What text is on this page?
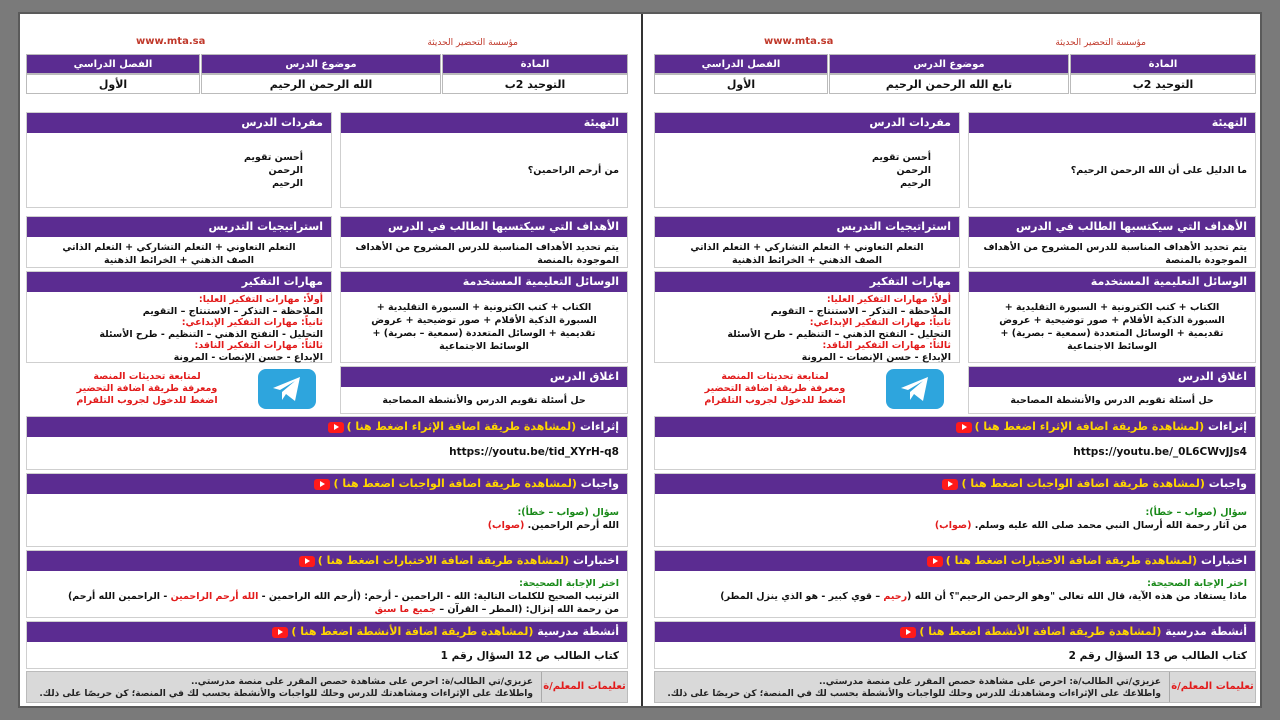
مؤسسة التحضير الحديثة
www.mta.sa
المادة
موضوع الدرس
الفصل الدراسي
التوحيد 2ب
تابع الله الرحمن الرحيم
الأول
التهيئة
ما الدليل على أن الله الرحمن الرحيم؟
مفردات الدرس
أحسن تقويم
الرحمن
الرحيم
الأهداف التي سيكتسبها الطالب في الدرس
يتم تحديد الأهداف المناسبة للدرس المشروح من الأهداف الموجودة بالمنصة
استراتيجيات التدريس
التعلم التعاوني + التعلم التشاركي + التعلم الذاتي
الصف الذهني + الخرائط الذهنية
الوسائل التعليمية المستخدمة
الكتاب + كتب الكترونية + السبورة التقليدية + السبورة الذكية الأقلام + صور توضيحية + عروض تقديمية + الوسائل المتعددة (سمعية – بصرية) + الوسائط الاجتماعية
مهارات التفكير
أولاً: مهارات التفكير العليا:
الملاحظة – التذكر – الاستنتاج – التقويم
ثانياً: مهارات التفكير الإبداعي:
التحليل - التفتح الذهني – التنظيم - طرح الأسئلة
ثالثاً: مهارات التفكير الناقد:
الإبداع - حسن الإنصات - المرونة
اغلاق الدرس
حل أسئلة تقويم الدرس والأنشطة المصاحبة
لمتابعة تحديثات المنصة
ومعرفة طريقة اضافة التحضير
اضغط للدخول لجروب التلقرام
إثراءات (لمشاهدة طريقة اضافة الإثراء اضغط هنا )
https://youtu.be/_0L6CWvJJs4
واجبات (لمشاهدة طريقة اضافة الواجبات اضغط هنا )
سؤال (صواب – خطأ):
من آثار رحمة الله أرسال النبي محمد صلى الله عليه وسلم. (صواب)
اختبارات (لمشاهدة طريقة اضافة الاختبارات اضغط هنا )
اختر الإجابة الصحيحة:
ماذا يستفاد من هذه الآية، قال الله تعالى "وهو الرحمن الرحيم"؟ أن الله (رحيم – قوي كبير - هو الذي ينزل المطر)
أنشطة مدرسية (لمشاهدة طريقة اضافة الأنشطة اضغط هنا )
كتاب الطالب ص 13 السؤال رقم 2
تعليمات المعلم/ة
عزيزي/تي الطالب/ة: احرص على مشاهدة حصص المقرر على منصة مدرستي..
واطلاعك على الإثراءات ومشاهدتك للدرس وحلك للواجبات والأنشطة بحسب لك في المنصة؛ كن حريصًا على ذلك.
مؤسسة التحضير الحديثة
www.mta.sa
المادة
موضوع الدرس
الفصل الدراسي
التوحيد 2ب
الله الرحمن الرحيم
الأول
التهيئة
من أرحم الراحمين؟
مفردات الدرس
أحسن تقويم
الرحمن
الرحيم
الأهداف التي سيكتسبها الطالب في الدرس
يتم تحديد الأهداف المناسبة للدرس المشروح من الأهداف الموجودة بالمنصة
استراتيجيات التدريس
التعلم التعاوني + التعلم التشاركي + التعلم الذاتي
الصف الذهني + الخرائط الذهنية
الوسائل التعليمية المستخدمة
الكتاب + كتب الكترونية + السبورة التقليدية + السبورة الذكية الأقلام + صور توضيحية + عروض تقديمية + الوسائل المتعددة (سمعية – بصرية) + الوسائط الاجتماعية
مهارات التفكير
أولاً: مهارات التفكير العليا:
الملاحظة – التذكر – الاستنتاج – التقويم
ثانياً: مهارات التفكير الإبداعي:
التحليل - التفتح الذهني – التنظيم - طرح الأسئلة
ثالثاً: مهارات التفكير الناقد:
الإبداع - حسن الإنصات - المرونة
اغلاق الدرس
حل أسئلة تقويم الدرس والأنشطة المصاحبة
لمتابعة تحديثات المنصة
ومعرفة طريقة اضافة التحضير
اضغط للدخول لجروب التلقرام
إثراءات (لمشاهدة طريقة اضافة الإثراء اضغط هنا )
https://youtu.be/tid_XYrH-q8
واجبات (لمشاهدة طريقة اضافة الواجبات اضغط هنا )
سؤال (صواب – خطأ):
الله أرحم الراحمين. (صواب)
اختبارات (لمشاهدة طريقة اضافة الاختبارات اضغط هنا )
اختر الإجابة الصحيحة:
الترتيب الصحيح للكلمات التالية: الله - الراحمين - أرحم: (أرحم الله الراحمين - الله أرحم الراحمين - الراحمين الله أرحم)
من رحمة الله إنزال: (المطر – القرآن – جميع ما سبق
أنشطة مدرسية (لمشاهدة طريقة اضافة الأنشطة اضغط هنا )
كتاب الطالب ص 12 السؤال رقم 1
تعليمات المعلم/ة
عزيزي/تي الطالب/ة: احرص على مشاهدة حصص المقرر على منصة مدرستي..
واطلاعك على الإثراءات ومشاهدتك للدرس وحلك للواجبات والأنشطة بحسب لك في المنصة؛ كن حريصًا على ذلك.
